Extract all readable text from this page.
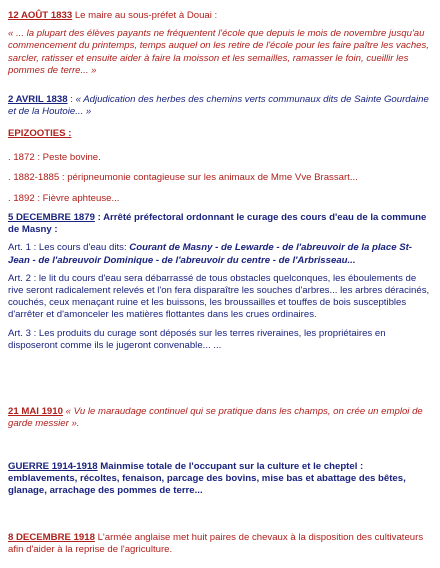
12 AOÛT 1833 Le maire au sous-préfet à Douai :

« ... la plupart des élèves payants ne fréquentent l'école que depuis le mois de novembre jusqu'au commencement du printemps, temps auquel on les retire de l'école pour les faire paître les vaches, sarcler, ratisser et ensuite aider à faire la moisson et les semailles, ramasser le foin, cueillir les pommes de terre... »

2 AVRIL 1838 : « Adjudication des herbes des chemins verts communaux dits de Sainte Gourdaine et de la Houtoie... »

EPIZOOTIES :

. 1872 : Peste bovine.

. 1882-1885 : péripneumonie contagieuse sur les animaux de Mme Vve Brassart...

. 1892 : Fièvre aphteuse...

5 DECEMBRE 1879 : Arrêté préfectoral ordonnant le curage des cours d'eau de la commune de Masny :

Art. 1 : Les cours d'eau dits: Courant de Masny - de Lewarde - de l'abreuvoir de la place St-Jean - de l'abreuvoir Dominique - de l'abreuvoir du centre - de l'Arbrisseau...

Art. 2 : le lit du cours d'eau sera débarrassé de tous obstacles quelconques, les éboulements de rive seront radicalement relevés et l'on fera disparaître les souches d'arbres... les arbres déracinés, couchés, ceux menaçant ruine et les buissons, les broussailles et touffes de bois susceptibles d'arrêter et d'amonceler les matières flottantes dans les crues ordinaires.

Art. 3 : Les produits du curage sont déposés sur les terres riveraines, les propriétaires en disposeront comme ils le jugeront convenable... ...

21 MAI 1910 « Vu le maraudage continuel qui se pratique dans les champs, on crée un emploi de garde messier ».

GUERRE 1914-1918 Mainmise totale de l'occupant sur la culture et le cheptel : emblavements, récoltes, fenaison, parcage des bovins, mise bas et abattage des bêtes, glanage, arrachage des pommes de terre...

8 DECEMBRE 1918 L'armée anglaise met huit paires de chevaux à la disposition des cultivateurs afin d'aider à la reprise de l'agriculture.
